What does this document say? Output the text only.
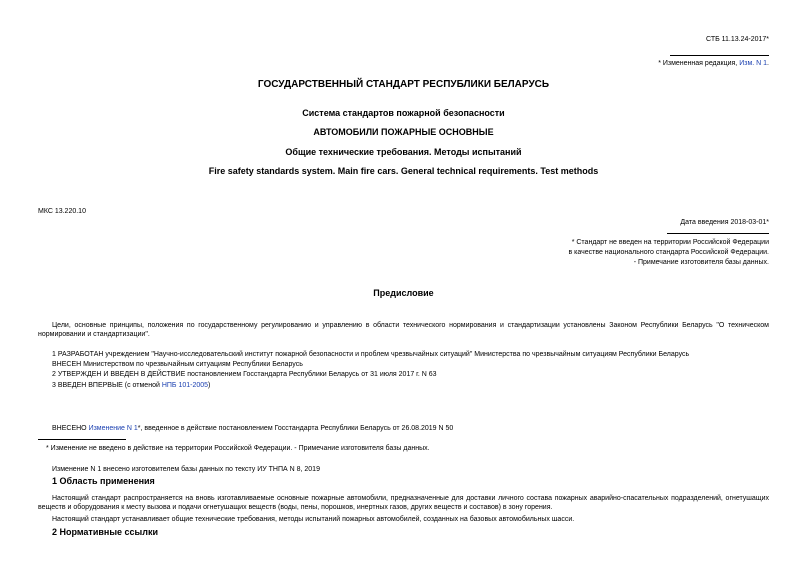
СТБ 11.13.24-2017*
* Измененная редакция, Изм. N 1.
ГОСУДАРСТВЕННЫЙ СТАНДАРТ РЕСПУБЛИКИ БЕЛАРУСЬ
Система стандартов пожарной безопасности
АВТОМОБИЛИ ПОЖАРНЫЕ ОСНОВНЫЕ
Общие технические требования. Методы испытаний
Fire safety standards system. Main fire cars. General technical requirements. Test methods
МКС 13.220.10
Дата введения 2018-03-01*
* Стандарт не введен на территории Российской Федерации
в качестве национального стандарта Российской Федерации.
- Примечание изготовителя базы данных.
Предисловие
Цели, основные принципы, положения по государственному регулированию и управлению в области технического нормирования и стандартизации установлены Законом Республики Беларусь "О техническом нормировании и стандартизации".
1 РАЗРАБОТАН учреждением "Научно-исследовательский институт пожарной безопасности и проблем чрезвычайных ситуаций" Министерства по чрезвычайным ситуациям Республики Беларусь
ВНЕСЕН Министерством по чрезвычайным ситуациям Республики Беларусь
2 УТВЕРЖДЕН И ВВЕДЕН В ДЕЙСТВИЕ постановлением Госстандарта Республики Беларусь от 31 июля 2017 г. N 63
3 ВВЕДЕН ВПЕРВЫЕ (с отменой НПБ 101-2005)
ВНЕСЕНО Изменение N 1*, введенное в действие постановлением Госстандарта Республики Беларусь от 26.08.2019 N 50
* Изменение не введено в действие на территории Российской Федерации. - Примечание изготовителя базы данных.
Изменение N 1 внесено изготовителем базы данных по тексту ИУ ТНПА N 8, 2019
1 Область применения
Настоящий стандарт распространяется на вновь изготавливаемые основные пожарные автомобили, предназначенные для доставки личного состава пожарных аварийно-спасательных подразделений, огнетушащих веществ и оборудования к месту вызова и подачи огнетушащих веществ (воды, пены, порошков, инертных газов, других веществ и составов) в зону горения.
Настоящий стандарт устанавливает общие технические требования, методы испытаний пожарных автомобилей, созданных на базовых автомобильных шасси.
2 Нормативные ссылки
